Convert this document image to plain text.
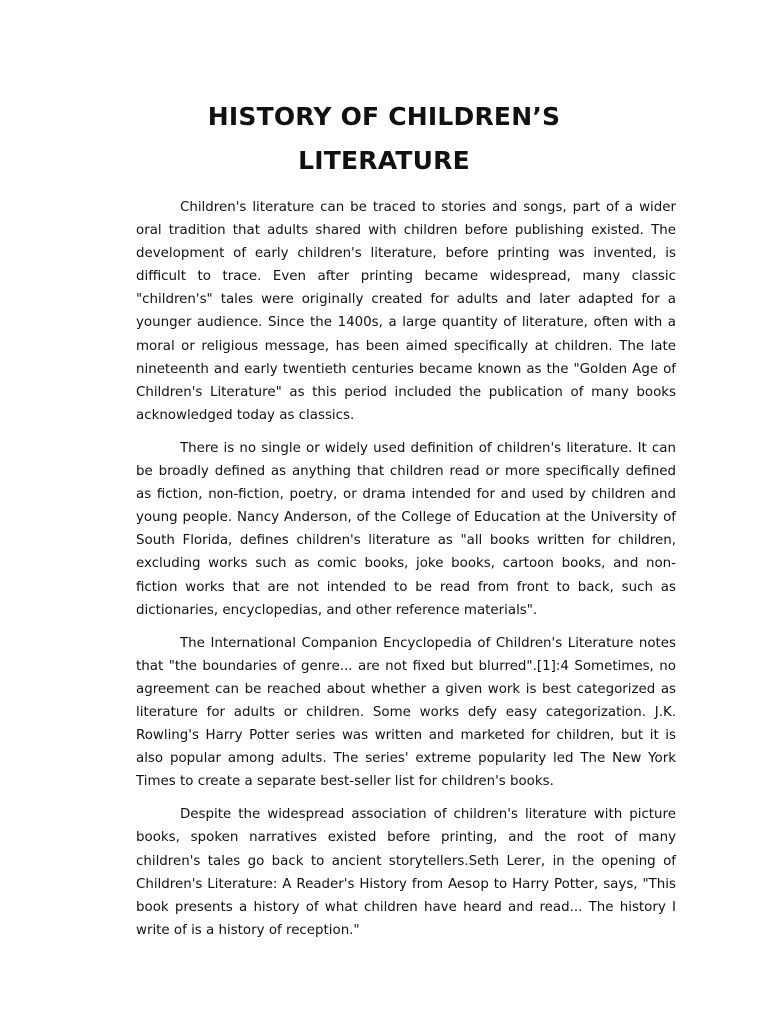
HISTORY OF CHILDREN’S
LITERATURE

Children's literature can be traced to stories and songs, part of a wider oral tradition that adults shared with children before publishing existed. The development of early children's literature, before printing was invented, is difficult to trace. Even after printing became widespread, many classic "children's" tales were originally created for adults and later adapted for a younger audience. Since the 1400s, a large quantity of literature, often with a moral or religious message, has been aimed specifically at children. The late nineteenth and early twentieth centuries became known as the "Golden Age of Children's Literature" as this period included the publication of many books acknowledged today as classics.

There is no single or widely used definition of children's literature. It can be broadly defined as anything that children read or more specifically defined as fiction, non-fiction, poetry, or drama intended for and used by children and young people. Nancy Anderson, of the College of Education at the University of South Florida, defines children's literature as "all books written for children, excluding works such as comic books, joke books, cartoon books, and non-fiction works that are not intended to be read from front to back, such as dictionaries, encyclopedias, and other reference materials".

The International Companion Encyclopedia of Children's Literature notes that "the boundaries of genre... are not fixed but blurred".[1]:4 Sometimes, no agreement can be reached about whether a given work is best categorized as literature for adults or children. Some works defy easy categorization. J.K. Rowling's Harry Potter series was written and marketed for children, but it is also popular among adults. The series' extreme popularity led The New York Times to create a separate best-seller list for children's books.

Despite the widespread association of children's literature with picture books, spoken narratives existed before printing, and the root of many children's tales go back to ancient storytellers.Seth Lerer, in the opening of Children's Literature: A Reader's History from Aesop to Harry Potter, says, "This book presents a history of what children have heard and read... The history I write of is a history of reception."
